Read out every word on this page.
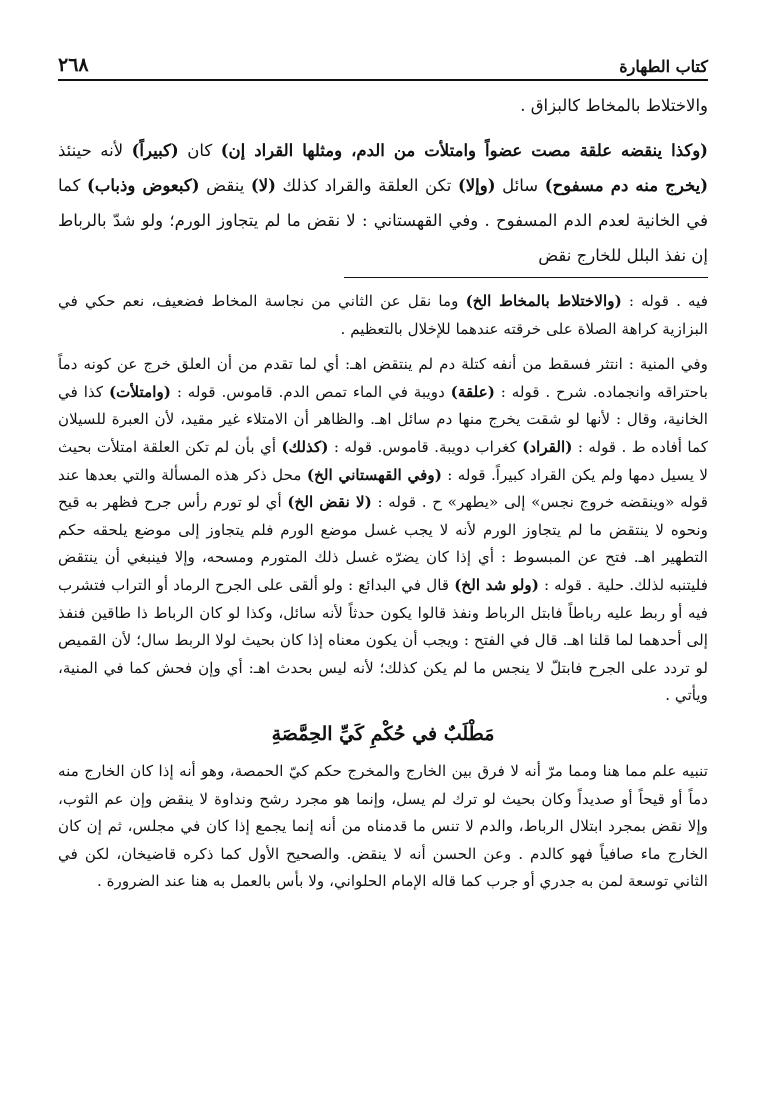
كتاب الطهارة
٢٦٨

والاختلاط بالمخاط كالبزاق .

(وكذا ينقضه علقة مصت عضواً وامتلأت من الدم، ومثلها القراد إن) كان (كبيراً) لأنه حينئذ (يخرج منه دم مسفوح) سائل (وإلا) تكن العلقة والقراد كذلك (لا) ينقض (كبعوض وذباب) كما في الخانية لعدم الدم المسفوح . وفي القهستاني : لا نقض ما لم يتجاوز الورم؛ ولو شدّ بالرباط إن نفذ البلل للخارج نقض

فيه . قوله : (والاختلاط بالمخاط الخ) وما نقل عن الثاني من نجاسة المخاط فضعيف، نعم حكي في البزازية كراهة الصلاة على خرقته عندهما للإخلال بالتعظيم .

وفي المنية : انتثر فسقط من أنفه كتلة دم لم ينتقض اهـ: أي لما تقدم من أن العلق خرج عن كونه دماً باحتراقه وانجماده. شرح . قوله : (علقة) دويبة في الماء تمص الدم. قاموس. قوله : (وامتلأت) كذا في الخانية، وقال : لأنها لو شقت يخرج منها دم سائل اهـ. والظاهر أن الامتلاء غير مقيد، لأن العبرة للسيلان كما أفاده ط . قوله : (القراد) كغراب دويبة. قاموس. قوله : (كذلك) أي بأن لم تكن العلقة امتلأت بحيث لا يسيل دمها ولم يكن القراد كبيراً. قوله : (وفي القهستاني الخ) محل ذكر هذه المسألة والتي بعدها عند قوله «وينقضه خروج نجس» إلى «يطهر» ح . قوله : (لا نقض الخ) أي لو تورم رأس جرح فظهر به قيح ونحوه لا ينتقض ما لم يتجاوز الورم لأنه لا يجب غسل موضع الورم فلم يتجاوز إلى موضع يلحقه حكم التطهير اهـ. فتح عن المبسوط : أي إذا كان يضرّه غسل ذلك المتورم ومسحه، وإلا فينبغي أن ينتقض فليتنبه لذلك. حلية . قوله : (ولو شد الخ) قال في البدائع : ولو ألقى على الجرح الرماد أو التراب فتشرب فيه أو ربط عليه رباطاً فابتل الرباط ونفذ قالوا يكون حدثاً لأنه سائل، وكذا لو كان الرباط ذا طاقين فنفذ إلى أحدهما لما قلنا اهـ. قال في الفتح : ويجب أن يكون معناه إذا كان بحيث لولا الربط سال؛ لأن القميص لو تردد على الجرح فابتلّ لا ينجس ما لم يكن كذلك؛ لأنه ليس بحدث اهـ: أي وإن فحش كما في المنية، ويأتي .

مَطْلَبٌ في حُكْمِ كَيِّ الحِمَّصَةِ

تنبيه علم مما هنا ومما مرّ أنه لا فرق بين الخارج والمخرج حكم كيّ الحمصة، وهو أنه إذا كان الخارج منه دماً أو قيحاً أو صديداً وكان بحيث لو ترك لم يسل، وإنما هو مجرد رشح ونداوة لا ينقض وإن عم الثوب، وإلا نقض بمجرد ابتلال الرباط، والدم لا تنس ما قدمناه من أنه إنما يجمع إذا كان في مجلس، ثم إن كان الخارج ماء صافياً فهو كالدم . وعن الحسن أنه لا ينقض. والصحيح الأول كما ذكره قاضيخان، لكن في الثاني توسعة لمن به جدري أو جرب كما قاله الإمام الحلواني، ولا بأس بالعمل به هنا عند الضرورة .
